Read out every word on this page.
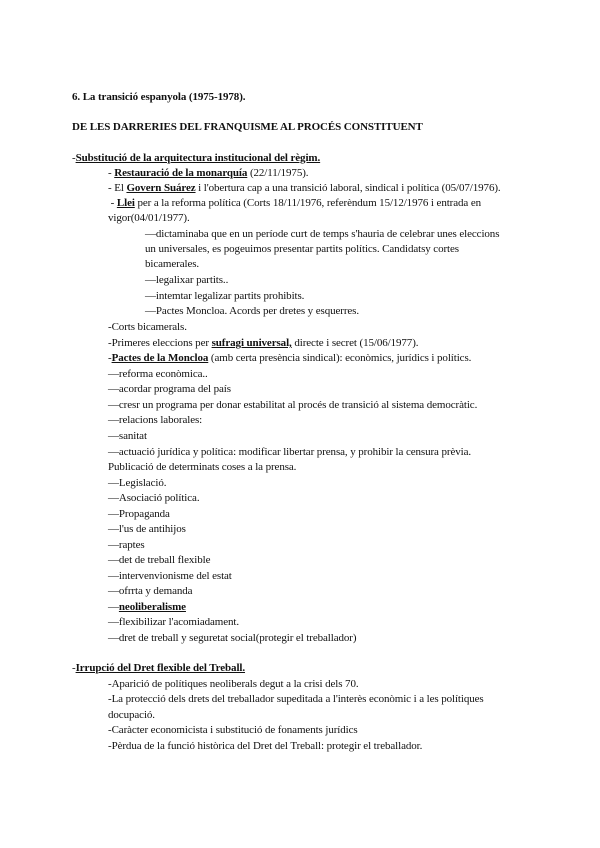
6. La transició espanyola (1975-1978).
DE LES DARRERIES DEL FRANQUISME AL PROCÉS CONSTITUENT
-Substitució de la arquitectura institucional del règim.
- Restauració de la monarquía (22/11/1975).
- El Govern Suárez i l'obertura cap a una transició laboral, sindical i política (05/07/1976).
- Llei per a la reforma política (Corts 18/11/1976, referèndum 15/12/1976 i entrada en
vigor(04/01/1977).
—dictaminaba que en un període curt de temps s'hauria de celebrar unes eleccions
un universales, es pogeuimos presentar partits polítics. Candidatsy cortes
bicamerales.
—legalixar partits..
—intemtar legalizar partits prohibits.
—Pactes Moncloa. Acords per dretes y esquerres.
-Corts bicamerals.
-Primeres eleccions per sufragi universal, directe i secret (15/06/1977).
-Pactes de la Moncloa (amb certa presència sindical): econòmics, jurídics i polítics.
—reforma econòmica..
—acordar programa del país
—cresr un programa per donar estabilitat al procés de transició al sistema democràtic.
—relacions laborales:
—sanitat
—actuació jurídica y política: modificar libertar prensa, y prohibir la censura prèvia.
Publicació de determinats coses a la prensa.
—Legislació.
—Asociació política.
—Propaganda
—l'us de antihijos
—raptes
—det de treball flexible
—intervenvionisme del estat
—ofrrta y demanda
—neoliberalisme
—flexibilizar l'acomiadament.
—dret de treball y seguretat social(protegir el treballador)
-Irrupció del Dret flexible del Treball.
-Aparició de polítiques neoliberals degut a la crisi dels 70.
-La protecció dels drets del treballador supeditada a l'interès econòmic i a les polítiques
docupació.
-Caràcter economicista i substitució de fonaments jurídics
-Pèrdua de la funció històrica del Dret del Treball: protegir el treballador.
